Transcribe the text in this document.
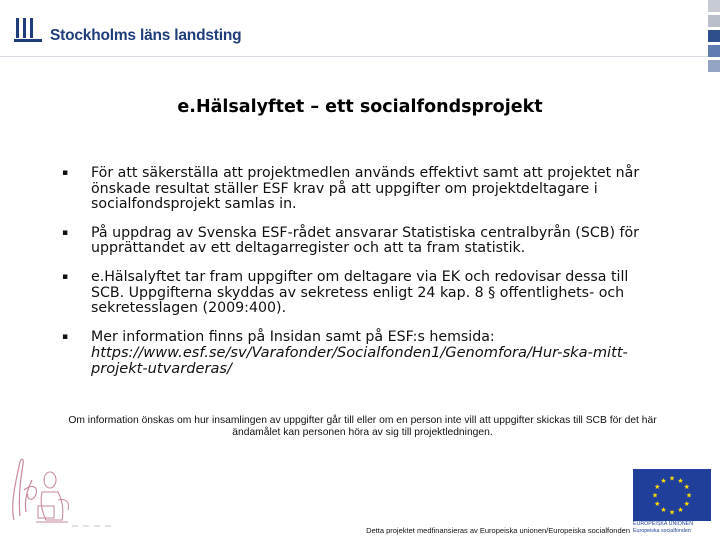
Stockholms läns landsting
e.Hälsalyftet – ett socialfondsprojekt
▪ För att säkerställa att projektmedlen används effektivt samt att projektet når önskade resultat ställer ESF krav på att uppgifter om projektdeltagare i socialfondsprojekt samlas in.
▪ På uppdrag av Svenska ESF-rådet ansvarar Statistiska centralbyrån (SCB) för upprättandet av ett deltagarregister och att ta fram statistik.
▪ e.Hälsalyftet tar fram uppgifter om deltagare via EK och redovisar dessa till SCB. Uppgifterna skyddas av sekretess enligt 24 kap. 8 § offentlighets- och sekretesslagen (2009:400).
▪ Mer information finns på Insidan samt på ESF:s hemsida:
https://www.esf.se/sv/Varafonder/Socialfonden1/Genomfora/Hur-ska-mitt-projekt-utvarderas/
Om information önskas om hur insamlingen av uppgifter går till eller om en person inte vill att uppgifter skickas till SCB för det här ändamålet kan personen höra av sig till projektledningen.
Detta projektet medfinansieras av Europeiska unionen/Europeiska socialfonden
★
★
★
★
★
★
★
★
★ ★ ★
★
EUROPEISKA UNIONEN
Europeiska socialfonden
